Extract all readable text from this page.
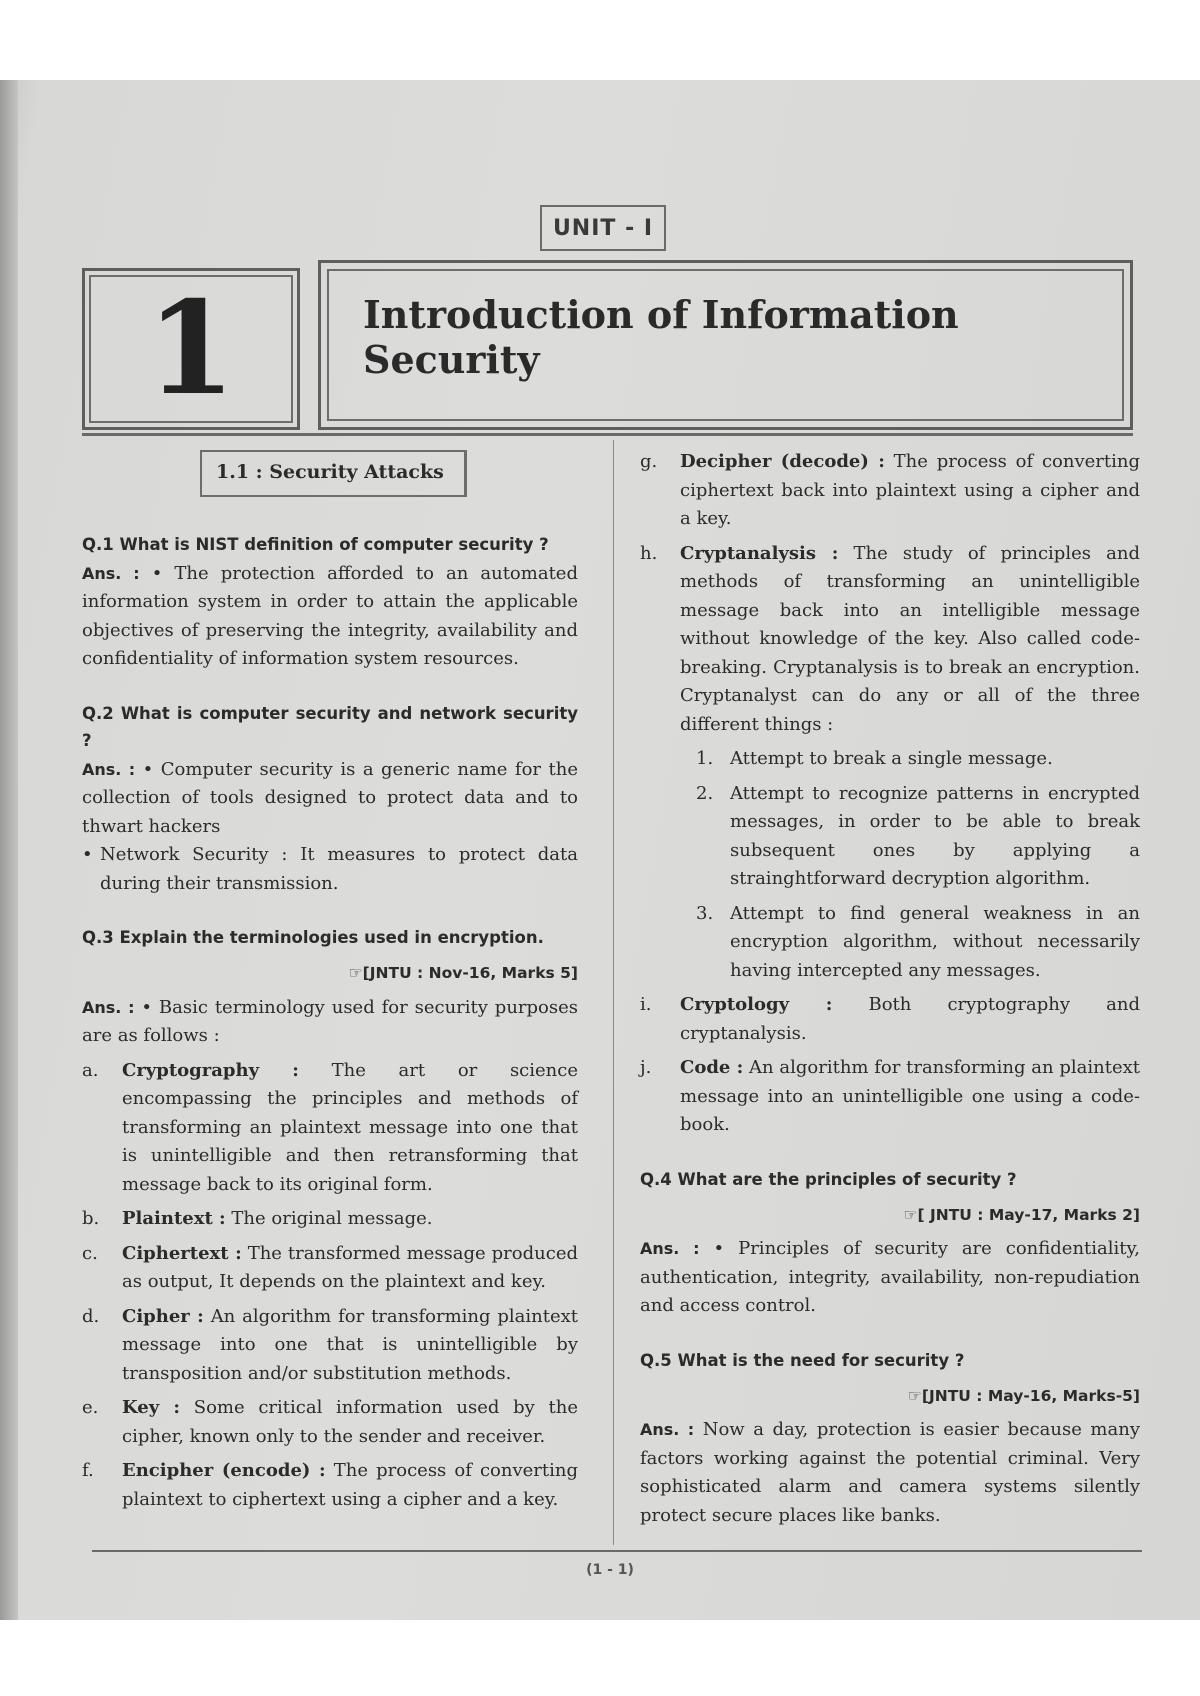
UNIT - I
1	Introduction of Information Security
1.1 : Security Attacks
Q.1 What is NIST definition of computer security ?

Ans. : • The protection afforded to an automated information system in order to attain the applicable objectives of preserving the integrity, availability and confidentiality of information system resources.

Q.2 What is computer security and network security ?

Ans. : • Computer security is a generic name for the collection of tools designed to protect data and to thwart hackers

• Network Security : It measures to protect data during their transmission.
Q.3 Explain the terminologies used in encryption.
☞[JNTU : Nov-16, Marks 5]

Ans. : • Basic terminology used for security purposes are as follows :

a.	Cryptography : The art or science encompassing the principles and methods of transforming an plaintext message into one that is unintelligible and then retransforming that message back to its original form.
b.	Plaintext : The original message.
c.	Ciphertext : The transformed message produced as output, It depends on the plaintext and key.
d.	Cipher : An algorithm for transforming plaintext message into one that is unintelligible by transposition and/or substitution methods.
e.	Key : Some critical information used by the cipher, known only to the sender and receiver.
f.	Encipher (encode) : The process of converting plaintext to ciphertext using a cipher and a key.
g.	Decipher (decode) : The process of converting ciphertext back into plaintext using a cipher and a key.
h.	Cryptanalysis : The study of principles and methods of transforming an unintelligible message back into an intelligible message without knowledge of the key. Also called code-breaking. Cryptanalysis is to break an encryption. Cryptanalyst can do any or all of the three different things :
1. Attempt to break a single message.
2. Attempt to recognize patterns in encrypted messages, in order to be able to break subsequent ones by applying a strainghtforward decryption algorithm.
3. Attempt to find general weakness in an encryption algorithm, without necessarily having intercepted any messages.
i.	Cryptology : Both cryptography and cryptanalysis.
j.	Code : An algorithm for transforming an plaintext message into an unintelligible one using a code-book.
Q.4 What are the principles of security ?
☞[ JNTU : May-17, Marks 2]

Ans. : • Principles of security are confidentiality, authentication, integrity, availability, non-repudiation and access control.

Q.5 What is the need for security ?
☞[JNTU : May-16, Marks-5]

Ans. : Now a day, protection is easier because many factors working against the potential criminal. Very sophisticated alarm and camera systems silently protect secure places like banks.

(1 - 1)
